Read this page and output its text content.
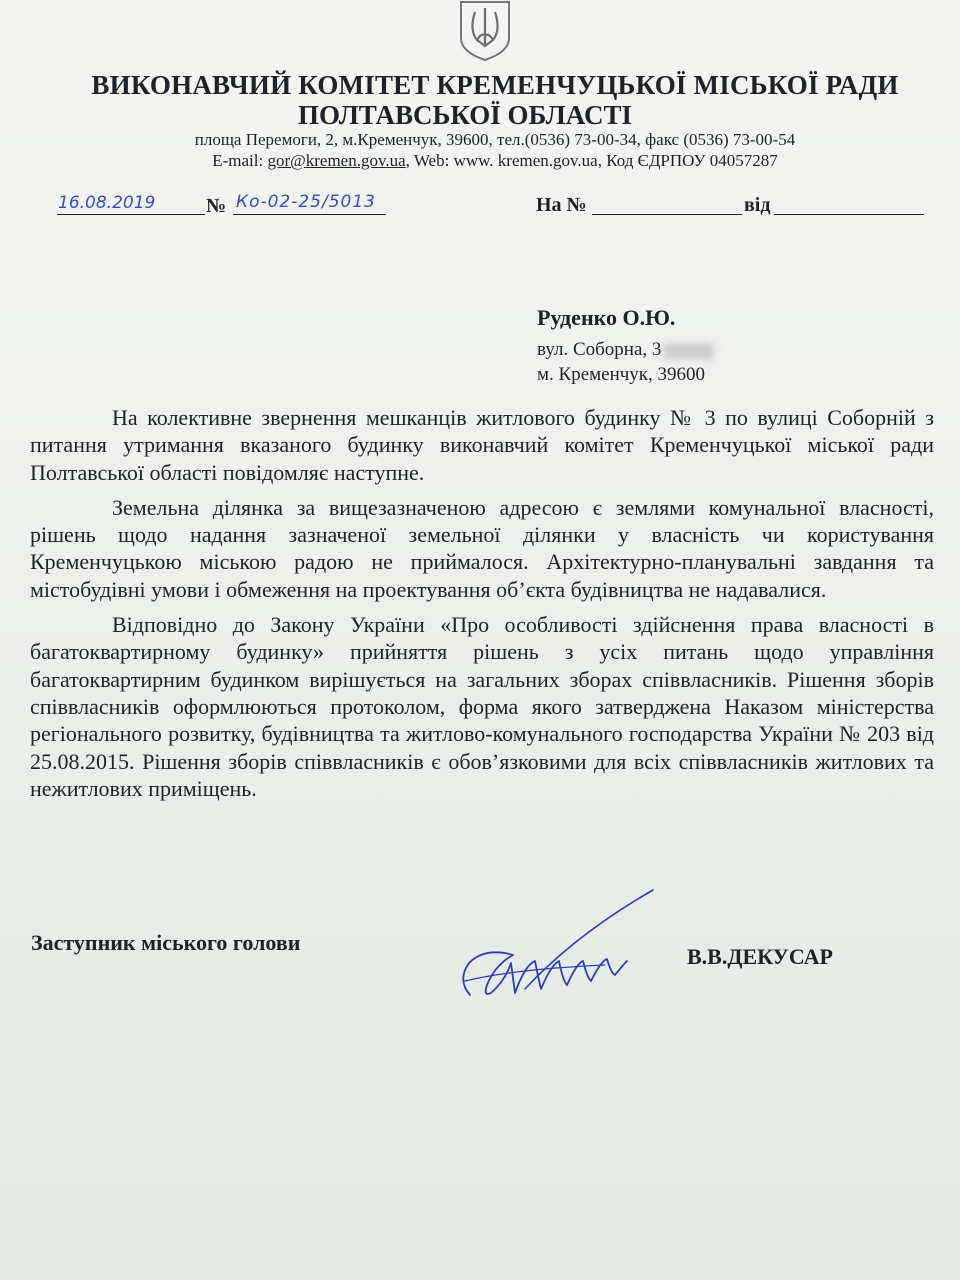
ВИКОНАВЧИЙ КОМІТЕТ КРЕМЕНЧУЦЬКОЇ МІСЬКОЇ РАДИ
ПОЛТАВСЬКОЇ ОБЛАСТІ
площа Перемоги, 2, м.Кременчук, 39600, тел.(0536) 73-00-34, факс (0536) 73-00-54
E-mail: gor@kremen.gov.ua, Web: www. kremen.gov.ua, Код ЄДРПОУ 04057287
16.08.2019	№ Ко-02-25/5013	На №	від
Руденко О.Ю.
вул. Соборна, 3
м. Кременчук, 39600

На колективне звернення мешканців житлового будинку № 3 по вулиці Соборній з питання утримання вказаного будинку виконавчий комітет Кременчуцької міської ради Полтавської області повідомляє наступне.

Земельна ділянка за вищезазначеною адресою є землями комунальної власності, рішень щодо надання зазначеної земельної ділянки у власність чи користування Кременчуцькою міською радою не приймалося. Архітектурно-планувальні завдання та містобудівні умови і обмеження на проектування об’єкта будівництва не надавалися.

Відповідно до Закону України «Про особливості здійснення права власності в багатоквартирному будинку» прийняття рішень з усіх питань щодо управління багатоквартирним будинком вирішується на загальних зборах співвласників. Рішення зборів співвласників оформлюються протоколом, форма якого затверджена Наказом міністерства регіонального розвитку, будівництва та житлово-комунального господарства України № 203 від 25.08.2015. Рішення зборів співвласників є обов’язковими для всіх співвласників житлових та нежитлових приміщень.

Заступник міського голови
В.В.ДЕКУСАР
